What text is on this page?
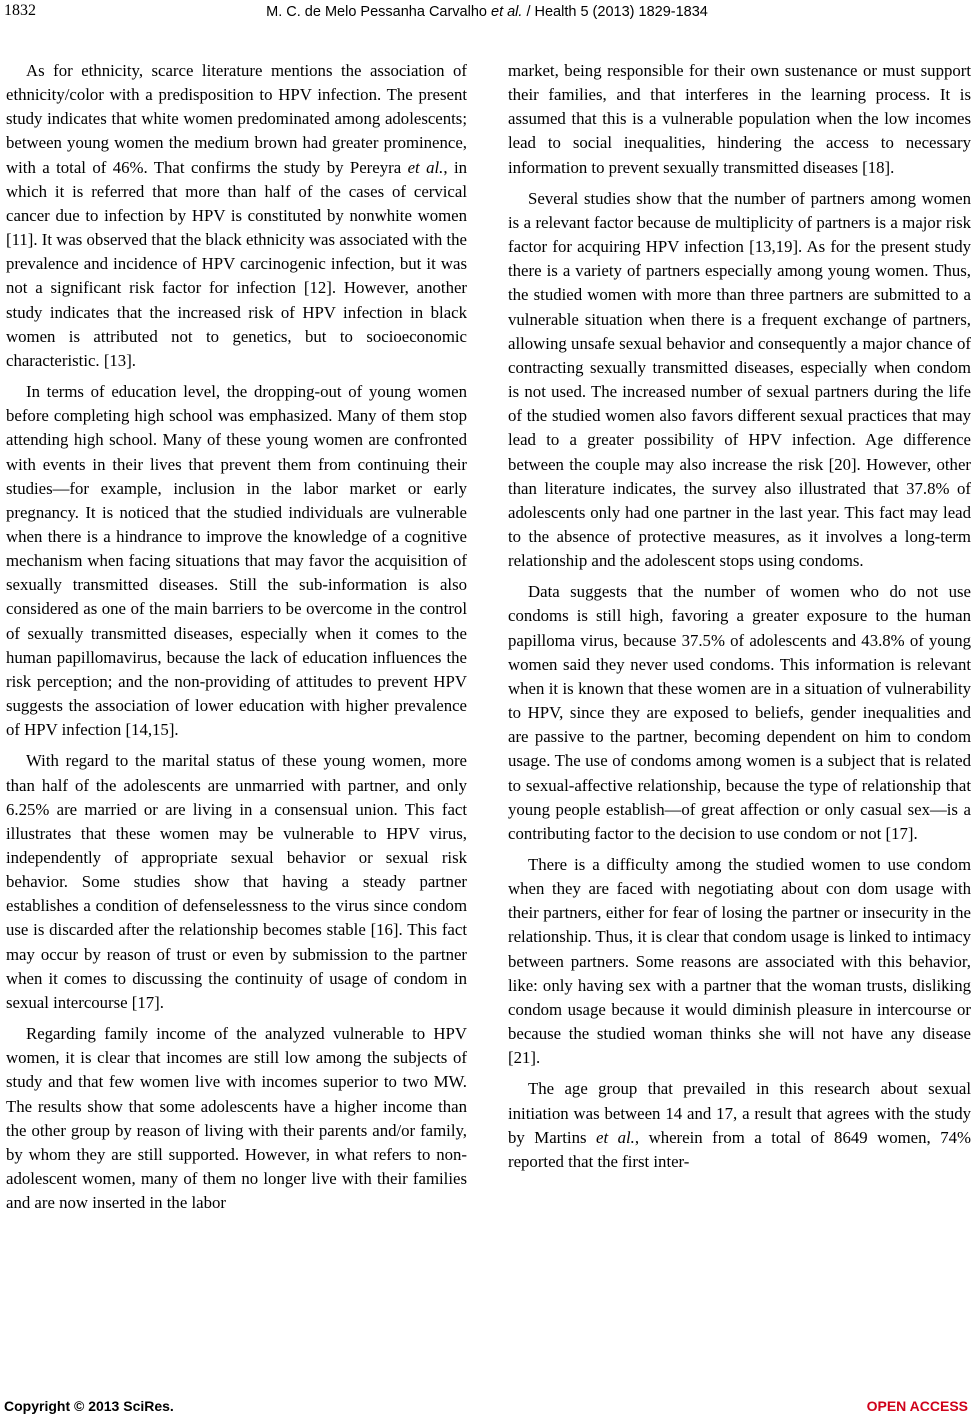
1832	M. C. de Melo Pessanha Carvalho et al. / Health 5 (2013) 1829-1834

As for ethnicity, scarce literature mentions the association of ethnicity/color with a predisposition to HPV infection. The present study indicates that white women predominated among adolescents; between young women the medium brown had greater prominence, with a total of 46%. That confirms the study by Pereyra et al., in which it is referred that more than half of the cases of cervical cancer due to infection by HPV is constituted by nonwhite women [11]. It was observed that the black ethnicity was associated with the prevalence and incidence of HPV carcinogenic infection, but it was not a significant risk factor for infection [12]. However, another study indicates that the increased risk of HPV infection in black women is attributed not to genetics, but to socioeconomic characteristic. [13].

In terms of education level, the dropping-out of young women before completing high school was emphasized. Many of them stop attending high school. Many of these young women are confronted with events in their lives that prevent them from continuing their studies—for example, inclusion in the labor market or early pregnancy. It is noticed that the studied individuals are vulnerable when there is a hindrance to improve the knowledge of a cognitive mechanism when facing situations that may favor the acquisition of sexually transmitted diseases. Still the sub-information is also considered as one of the main barriers to be overcome in the control of sexually transmitted diseases, especially when it comes to the human papillomavirus, because the lack of education influences the risk perception; and the non-providing of attitudes to prevent HPV suggests the association of lower education with higher prevalence of HPV infection [14,15].

With regard to the marital status of these young women, more than half of the adolescents are unmarried with partner, and only 6.25% are married or are living in a consensual union. This fact illustrates that these women may be vulnerable to HPV virus, independently of appropriate sexual behavior or sexual risk behavior. Some studies show that having a steady partner establishes a condition of defenselessness to the virus since condom use is discarded after the relationship becomes stable [16]. This fact may occur by reason of trust or even by submission to the partner when it comes to discussing the continuity of usage of condom in sexual intercourse [17].

Regarding family income of the analyzed vulnerable to HPV women, it is clear that incomes are still low among the subjects of study and that few women live with incomes superior to two MW. The results show that some adolescents have a higher income than the other group by reason of living with their parents and/or family, by whom they are still supported. However, in what refers to non-adolescent women, many of them no longer live with their families and are now inserted in the labor

market, being responsible for their own sustenance or must support their families, and that interferes in the learning process. It is assumed that this is a vulnerable population when the low incomes lead to social inequalities, hindering the access to necessary information to prevent sexually transmitted diseases [18].

Several studies show that the number of partners among women is a relevant factor because de multiplicity of partners is a major risk factor for acquiring HPV infection [13,19]. As for the present study there is a variety of partners especially among young women. Thus, the studied women with more than three partners are submitted to a vulnerable situation when there is a frequent exchange of partners, allowing unsafe sexual behavior and consequently a major chance of contracting sexually transmitted diseases, especially when condom is not used. The increased number of sexual partners during the life of the studied women also favors different sexual practices that may lead to a greater possibility of HPV infection. Age difference between the couple may also increase the risk [20]. However, other than literature indicates, the survey also illustrated that 37.8% of adolescents only had one partner in the last year. This fact may lead to the absence of protective measures, as it involves a long-term relationship and the adolescent stops using condoms.

Data suggests that the number of women who do not use condoms is still high, favoring a greater exposure to the human papilloma virus, because 37.5% of adolescents and 43.8% of young women said they never used condoms. This information is relevant when it is known that these women are in a situation of vulnerability to HPV, since they are exposed to beliefs, gender inequalities and are passive to the partner, becoming dependent on him to condom usage. The use of condoms among women is a subject that is related to sexual-affective relationship, because the type of relationship that young people establish—of great affection or only casual sex—is a contributing factor to the decision to use condom or not [17].

There is a difficulty among the studied women to use condom when they are faced with negotiating about con dom usage with their partners, either for fear of losing the partner or insecurity in the relationship. Thus, it is clear that condom usage is linked to intimacy between partners. Some reasons are associated with this behavior, like: only having sex with a partner that the woman trusts, disliking condom usage because it would diminish pleasure in intercourse or because the studied woman thinks she will not have any disease [21].

The age group that prevailed in this research about sexual initiation was between 14 and 17, a result that agrees with the study by Martins et al., wherein from a total of 8649 women, 74% reported that the first inter-

Copyright © 2013 SciRes.	OPEN ACCESS
